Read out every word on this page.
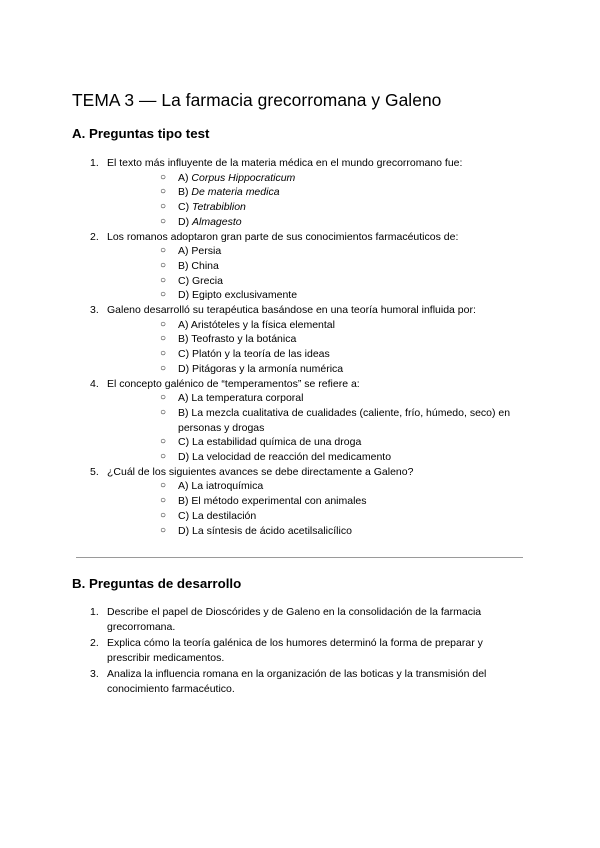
TEMA 3 — La farmacia grecorromana y Galeno
A. Preguntas tipo test
1. El texto más influyente de la materia médica en el mundo grecorromano fue:
○ A) Corpus Hippocraticum
○ B) De materia medica
○ C) Tetrabiblion
○ D) Almagesto
2. Los romanos adoptaron gran parte de sus conocimientos farmacéuticos de:
○ A) Persia
○ B) China
○ C) Grecia
○ D) Egipto exclusivamente
3. Galeno desarrolló su terapéutica basándose en una teoría humoral influida por:
○ A) Aristóteles y la física elemental
○ B) Teofrasto y la botánica
○ C) Platón y la teoría de las ideas
○ D) Pitágoras y la armonía numérica
4. El concepto galénico de “temperamentos” se refiere a:
○ A) La temperatura corporal
○ B) La mezcla cualitativa de cualidades (caliente, frío, húmedo, seco) en personas y drogas
○ C) La estabilidad química de una droga
○ D) La velocidad de reacción del medicamento
5. ¿Cuál de los siguientes avances se debe directamente a Galeno?
○ A) La iatroquímica
○ B) El método experimental con animales
○ C) La destilación
○ D) La síntesis de ácido acetilsalicílico
B. Preguntas de desarrollo
1. Describe el papel de Dioscórides y de Galeno en la consolidación de la farmacia grecorromana.
2. Explica cómo la teoría galénica de los humores determinó la forma de preparar y prescribir medicamentos.
3. Analiza la influencia romana en la organización de las boticas y la transmisión del conocimiento farmacéutico.
